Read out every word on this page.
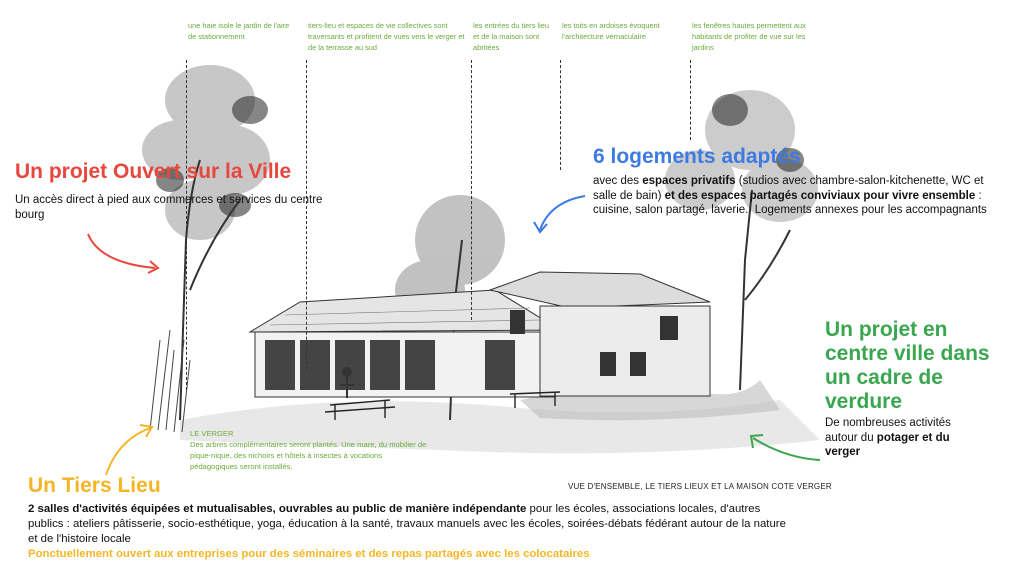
une haie isole le jardin de l'aire de stationnement
tiers-lieu et espaces de vie collectives sont traversants et profitent de vues vers le verger et de la terrasse au sud
les entrées du tiers lieu et de la maison sont abritées
les toits en ardoises évoquent l'architecture vernaculaire
les fenêtres hautes permettent aux habitants de profiter de vue sur les jardins
Un projet Ouvert sur la Ville
Un accès direct à pied aux commerces et services du centre bourg
6 logements adaptés
avec des espaces privatifs (studios avec chambre-salon-kitchenette, WC et salle de bain) et des espaces partagés conviviaux pour vivre ensemble : cuisine, salon partagé, laverie.. Logements annexes pour les accompagnants
Un projet en centre ville dans un cadre de verdure
De nombreuses activités autour du potager et du verger
LE VERGER
Des arbres complémentaires seront plantés. Une mare, du mobilier de pique-nique, des nichoirs et hôtels à insectes à vocations pédagogiques seront installés.
VUE D'ENSEMBLE, LE TIERS LIEUX ET LA MAISON COTE VERGER
Un Tiers Lieu
2 salles d'activités équipées et mutualisables, ouvrables au public de manière indépendante pour les écoles, associations locales, d'autres publics : ateliers pâtisserie, socio-esthétique, yoga, éducation à la santé, travaux manuels avec les écoles, soirées-débats fédérant autour de la nature et de l'histoire locale
Ponctuellement ouvert aux entreprises pour des séminaires et des repas partagés avec les colocataires
